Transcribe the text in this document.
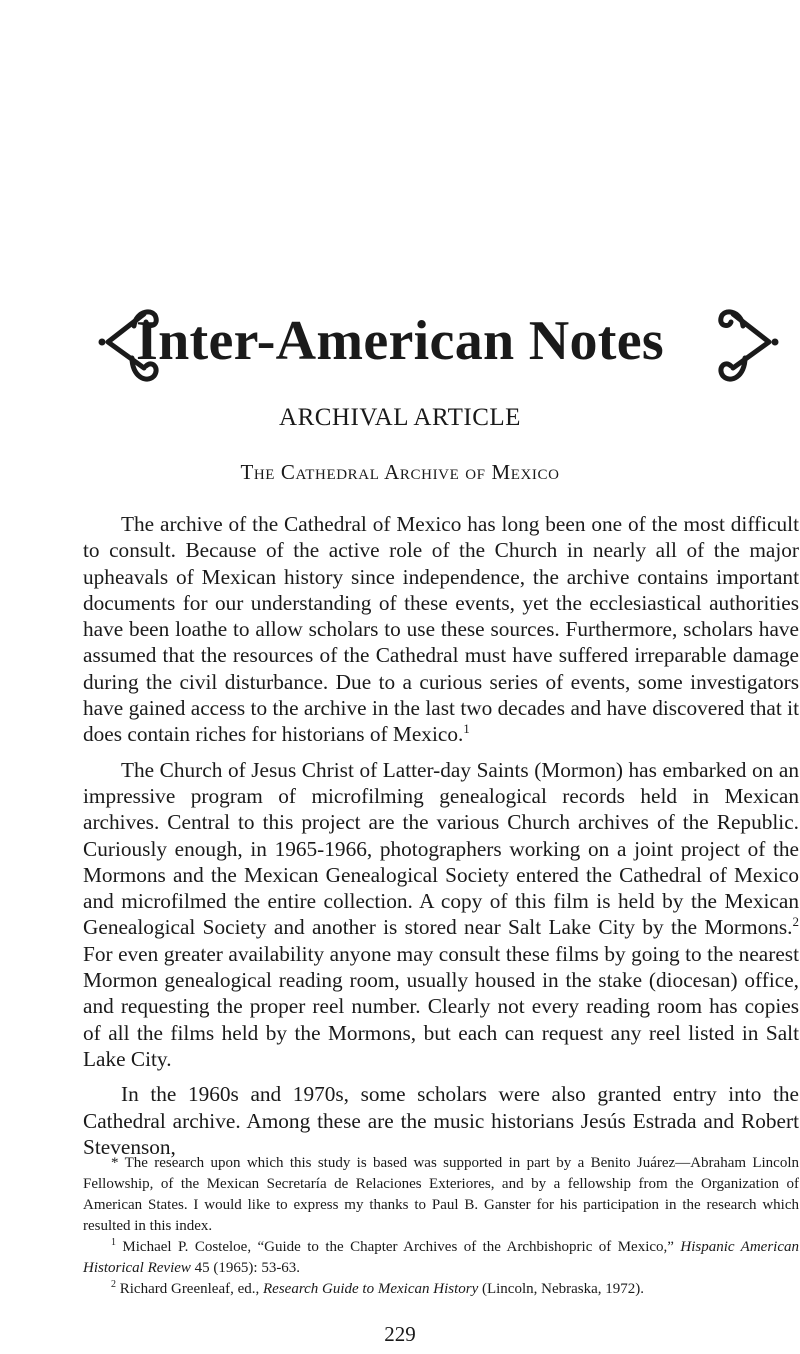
Inter-American Notes
ARCHIVAL ARTICLE
The Cathedral Archive of Mexico

The archive of the Cathedral of Mexico has long been one of the most difficult to consult. Because of the active role of the Church in nearly all of the major upheavals of Mexican history since independence, the archive contains important documents for our understanding of these events, yet the ecclesiastical authorities have been loathe to allow scholars to use these sources. Furthermore, scholars have assumed that the resources of the Cathedral must have suffered irreparable damage during the civil disturbance. Due to a curious series of events, some investigators have gained access to the archive in the last two decades and have discovered that it does contain riches for historians of Mexico.$^1$

The Church of Jesus Christ of Latter-day Saints (Mormon) has embarked on an impressive program of microfilming genealogical records held in Mexican archives. Central to this project are the various Church archives of the Republic. Curiously enough, in 1965-1966, photographers working on a joint project of the Mormons and the Mexican Genealogical Society entered the Cathedral of Mexico and microfilmed the entire collection. A copy of this film is held by the Mexican Genealogical Society and another is stored near Salt Lake City by the Mormons.$^2$ For even greater availability anyone may consult these films by going to the nearest Mormon genealogical reading room, usually housed in the stake (diocesan) office, and requesting the proper reel number. Clearly not every reading room has copies of all the films held by the Mormons, but each can request any reel listed in Salt Lake City.

In the 1960s and 1970s, some scholars were also granted entry into the Cathedral archive. Among these are the music historians Jesús Estrada and Robert Stevenson,

* The research upon which this study is based was supported in part by a Benito Juárez—Abraham Lincoln Fellowship, of the Mexican Secretaría de Relaciones Exteriores, and by a fellowship from the Organization of American States. I would like to express my thanks to Paul B. Ganster for his participation in the research which resulted in this index.

$^1$ Michael P. Costeloe, “Guide to the Chapter Archives of the Archbishopric of Mexico,” Hispanic American Historical Review 45 (1965): 53-63.

$^2$ Richard Greenleaf, ed., Research Guide to Mexican History (Lincoln, Nebraska, 1972).

229
